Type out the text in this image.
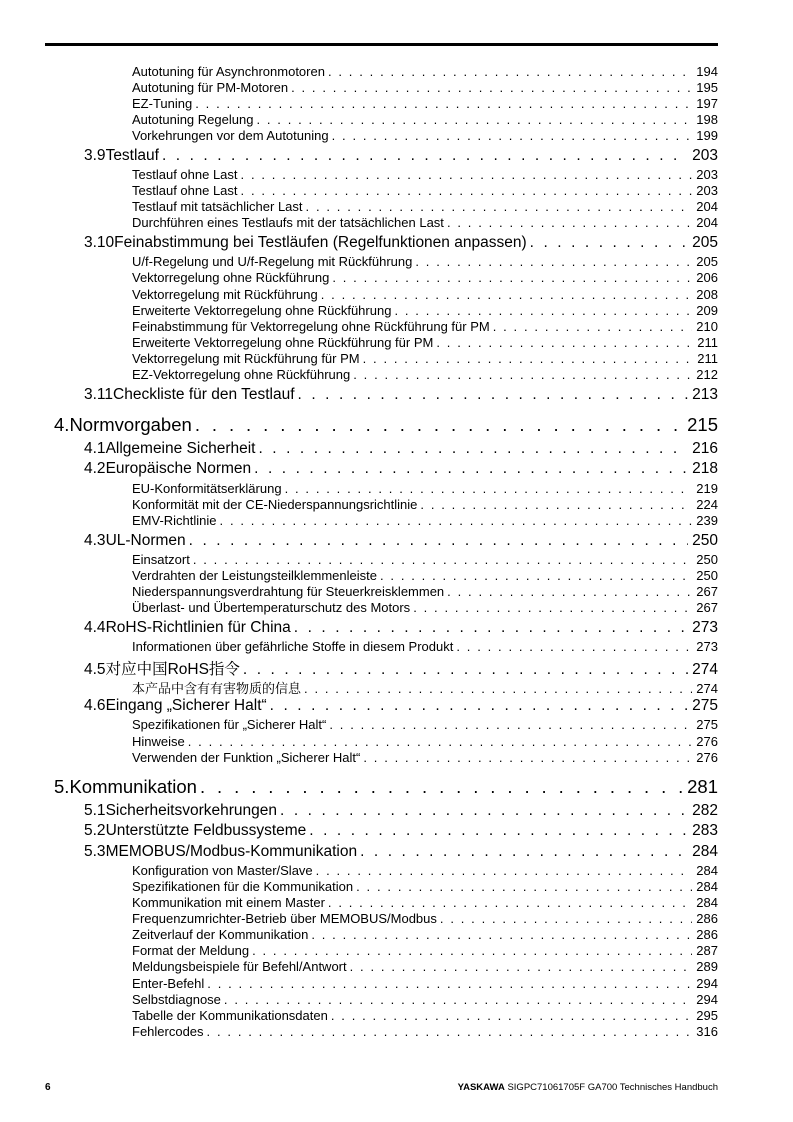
Autotuning für Asynchronmotoren . . .	194
Autotuning für PM-Motoren . . .	195
EZ-Tuning . . .	197
Autotuning Regelung . . .	198
Vorkehrungen vor dem Autotuning . . .	199
3.9 Testlauf . . .	203
Testlauf ohne Last . . .	203
Testlauf ohne Last . . .	203
Testlauf mit tatsächlicher Last . . .	204
Durchführen eines Testlaufs mit der tatsächlichen Last . . .	204
3.10 Feinabstimmung bei Testläufen (Regelfunktionen anpassen) . . .	205
U/f-Regelung und U/f-Regelung mit Rückführung . . .	205
Vektorregelung ohne Rückführung . . .	206
Vektorregelung mit Rückführung . . .	208
Erweiterte Vektorregelung ohne Rückführung . . .	209
Feinabstimmung für Vektorregelung ohne Rückführung für PM . . .	210
Erweiterte Vektorregelung ohne Rückführung für PM . . .	211
Vektorregelung mit Rückführung für PM . . .	211
EZ-Vektorregelung ohne Rückführung . . .	212
3.11 Checkliste für den Testlauf . . .	213
4. Normvorgaben . . .	215
4.1 Allgemeine Sicherheit . . .	216
4.2 Europäische Normen . . .	218
EU-Konformitätserklärung . . .	219
Konformität mit der CE-Niederspannungsrichtlinie . . .	224
EMV-Richtlinie . . .	239
4.3 UL-Normen . . .	250
Einsatzort . . .	250
Verdrahten der Leistungsteilklemmenleiste . . .	250
Niederspannungsverdrahtung für Steuerkreisklemmen . . .	267
Überlast- und Übertemperaturschutz des Motors . . .	267
4.4 RoHS-Richtlinien für China . . .	273
Informationen über gefährliche Stoffe in diesem Produkt . . .	273
4.5 对应中国RoHS指令 . . .	274
本产品中含有有害物质的信息 . . .	274
4.6 Eingang „Sicherer Halt“ . . .	275
Spezifikationen für „Sicherer Halt“ . . .	275
Hinweise . . .	276
Verwenden der Funktion „Sicherer Halt“ . . .	276
5. Kommunikation . . .	281
5.1 Sicherheitsvorkehrungen . . .	282
5.2 Unterstützte Feldbussysteme . . .	283
5.3 MEMOBUS/Modbus-Kommunikation . . .	284
Konfiguration von Master/Slave . . .	284
Spezifikationen für die Kommunikation . . .	284
Kommunikation mit einem Master . . .	284
Frequenzumrichter-Betrieb über MEMOBUS/Modbus . . .	286
Zeitverlauf der Kommunikation . . .	286
Format der Meldung . . .	287
Meldungsbeispiele für Befehl/Antwort . . .	289
Enter-Befehl . . .	294
Selbstdiagnose . . .	294
Tabelle der Kommunikationsdaten . . .	295
Fehlercodes . . .	316
6	YASKAWA SIGPC71061705F GA700 Technisches Handbuch
